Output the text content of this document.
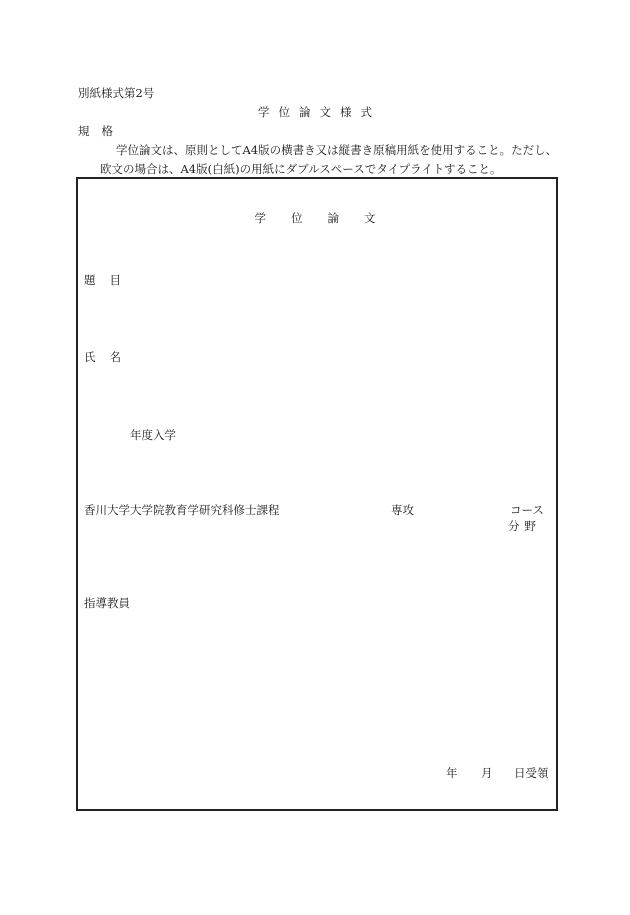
別紙様式第2号
学位論文様式
規格
学位論文は、原則としてA4版の横書き又は縦書き原稿用紙を使用すること。ただし、
欧文の場合は、A4版(白紙)の用紙にダブルスペースでタイプライトすること。
学位論文
題目
氏名
年度入学
香川大学大学院教育学研究科修士課程	専攻	コース
分野
指導教員
年 月 日受領
